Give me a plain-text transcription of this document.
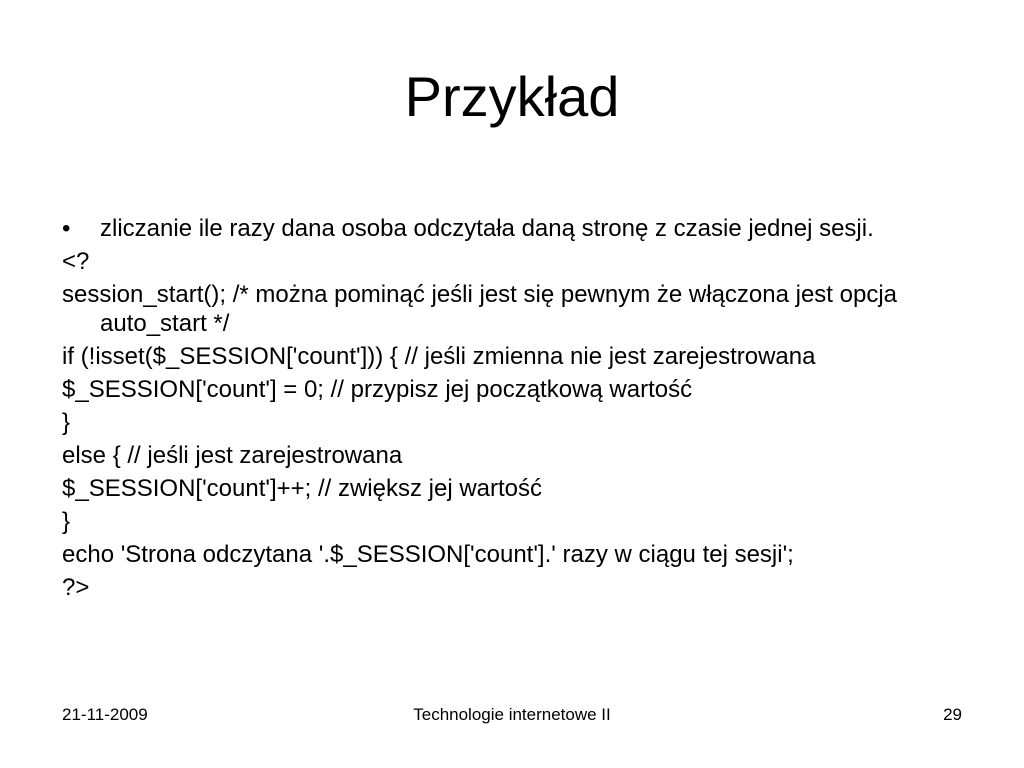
Przykład
• zliczanie ile razy dana osoba odczytała daną stronę z czasie jednej sesji.
<?
session_start(); /* można pominąć jeśli jest się pewnym że włączona jest opcja auto_start */
if (!isset($_SESSION['count'])) { // jeśli zmienna nie jest zarejestrowana
$_SESSION['count'] = 0; // przypisz jej początkową wartość
}
else { // jeśli jest zarejestrowana
$_SESSION['count']++; // zwiększ jej wartość
}
echo 'Strona odczytana '.$_SESSION['count'].' razy w ciągu tej sesji';
?>
21-11-2009	Technologie internetowe II	29
